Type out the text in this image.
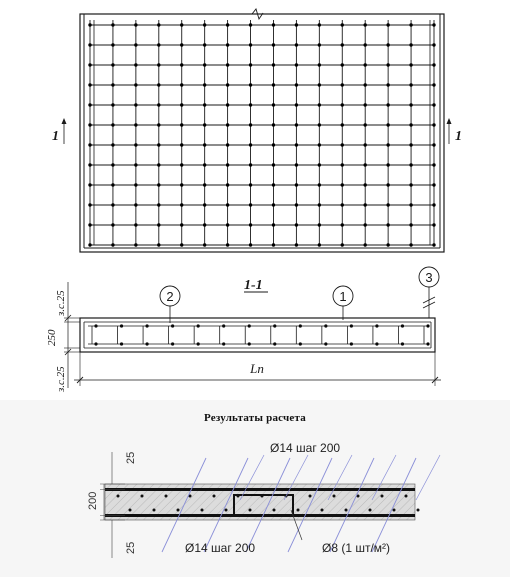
1	1
1-1
2	1
3
з.с.25
250
з.с.25	Ln
Результаты расчета
25
200
25
Ø14 шаг 200
Ø14 шаг 200	Ø8 (1 шт/м²)
